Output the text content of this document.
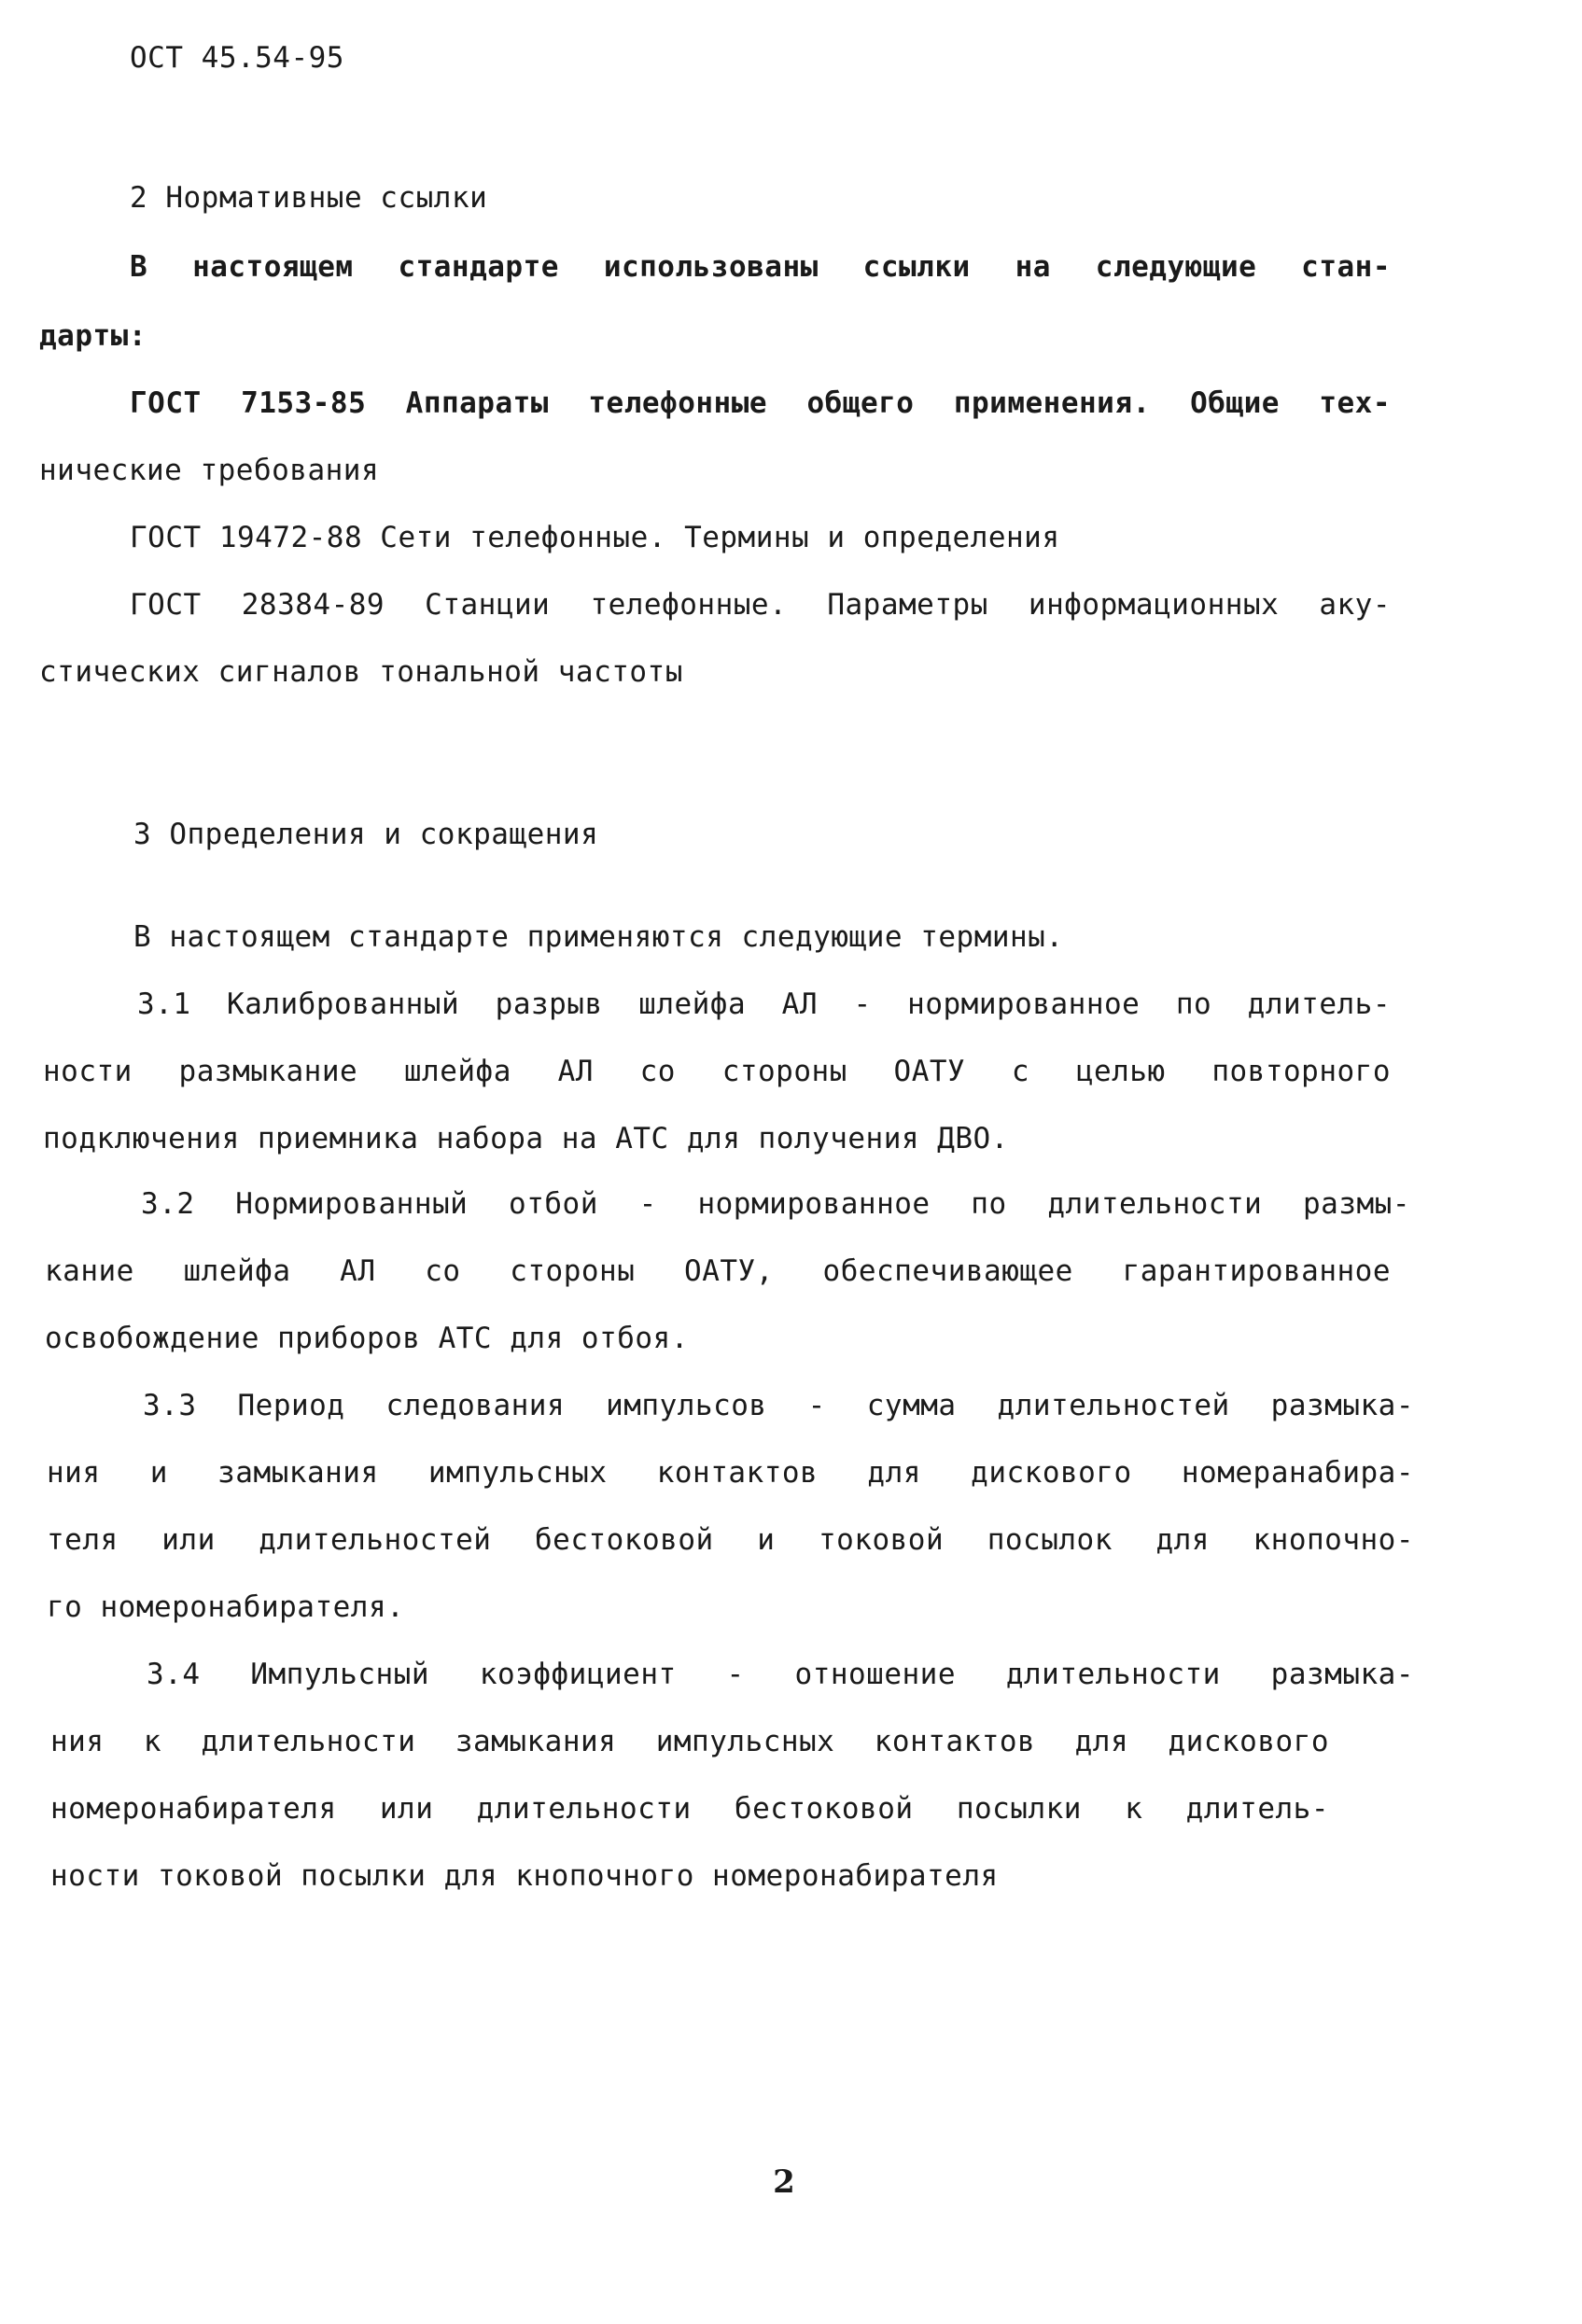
ОСТ 45.54-95
2 Нормативные ссылки
В настоящем стандарте использованы ссылки на следующие стан-
дарты:
ГОСТ 7153-85 Аппараты телефонные общего применения. Общие тех-
нические требования
ГОСТ 19472-88 Сети телефонные. Термины и определения
ГОСТ 28384-89 Станции телефонные. Параметры информационных аку-
стических сигналов тональной частоты
3 Определения и сокращения
В настоящем стандарте применяются следующие термины.
3.1 Калиброванный разрыв шлейфа АЛ - нормированное по длитель-
ности размыкание шлейфа АЛ со стороны ОАТУ с целью повторного
подключения приемника набора на АТС для получения ДВО.
3.2 Нормированный отбой - нормированное по длительности размы-
кание шлейфа АЛ со стороны ОАТУ, обеспечивающее гарантированное
освобождение приборов АТС для отбоя.
3.3 Период следования импульсов - сумма длительностей размыка-
ния и замыкания импульсных контактов для дискового номеранабира-
теля или длительностей бестоковой и токовой посылок для кнопочно-
го номеронабирателя.
3.4 Импульсный коэффициент - отношение длительности размыка-
ния к длительности замыкания импульсных контактов для дискового
номеронабирателя или длительности бестоковой посылки к длитель-
ности токовой посылки для кнопочного номеронабирателя
2
